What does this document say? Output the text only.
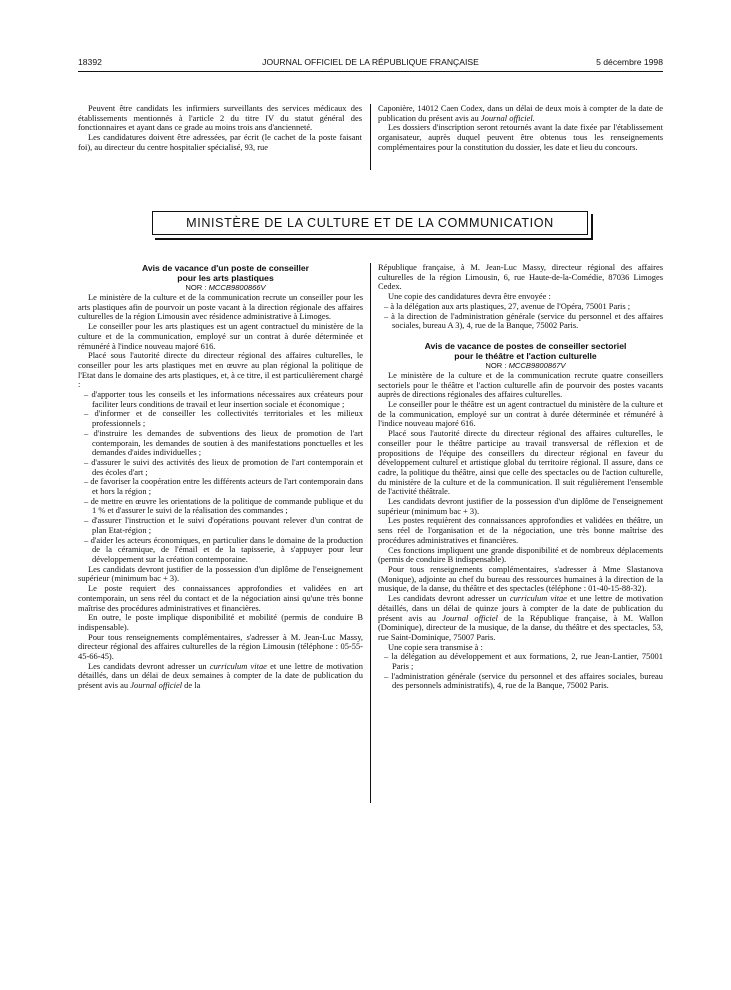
18392	JOURNAL OFFICIEL DE LA RÉPUBLIQUE FRANÇAISE	5 décembre 1998

Peuvent être candidats les infirmiers surveillants des services médicaux des établissements mentionnés à l'article 2 du titre IV du statut général des fonctionnaires et ayant dans ce grade au moins trois ans d'ancienneté.

Les candidatures doivent être adressées, par écrit (le cachet de la poste faisant foi), au directeur du centre hospitalier spécialisé, 93, rue

Caponière, 14012 Caen Codex, dans un délai de deux mois à compter de la date de publication du présent avis au Journal officiel.

Les dossiers d'inscription seront retournés avant la date fixée par l'établissement organisateur, auprès duquel peuvent être obtenus tous les renseignements complémentaires pour la constitution du dossier, les date et lieu du concours.

MINISTÈRE DE LA CULTURE ET DE LA COMMUNICATION

Avis de vacance d'un poste de conseiller

pour les arts plastiques

NOR : MCCB9800866V

Le ministère de la culture et de la communication recrute un conseiller pour les arts plastiques afin de pourvoir un poste vacant à la direction régionale des affaires culturelles de la région Limousin avec résidence administrative à Limoges.

Le conseiller pour les arts plastiques est un agent contractuel du ministère de la culture et de la communication, employé sur un contrat à durée déterminée et rémunéré à l'indice nouveau majoré 616.

Placé sous l'autorité directe du directeur régional des affaires culturelles, le conseiller pour les arts plastiques met en œuvre au plan régional la politique de l'Etat dans le domaine des arts plastiques, et, à ce titre, il est particulièrement chargé :

– d'apporter tous les conseils et les informations nécessaires aux créateurs pour faciliter leurs conditions de travail et leur insertion sociale et économique ;

– d'informer et de conseiller les collectivités territoriales et les milieux professionnels ;

– d'instruire les demandes de subventions des lieux de promotion de l'art contemporain, les demandes de soutien à des manifestations ponctuelles et les demandes d'aides individuelles ;

– d'assurer le suivi des activités des lieux de promotion de l'art contemporain et des écoles d'art ;

– de favoriser la coopération entre les différents acteurs de l'art contemporain dans et hors la région ;

– de mettre en œuvre les orientations de la politique de commande publique et du 1 % et d'assurer le suivi de la réalisation des commandes ;

– d'assurer l'instruction et le suivi d'opérations pouvant relever d'un contrat de plan Etat-région ;

– d'aider les acteurs économiques, en particulier dans le domaine de la production de la céramique, de l'émail et de la tapisserie, à s'appuyer pour leur développement sur la création contemporaine.

Les candidats devront justifier de la possession d'un diplôme de l'enseignement supérieur (minimum bac + 3).

Le poste requiert des connaissances approfondies et validées en art contemporain, un sens réel du contact et de la négociation ainsi qu'une très bonne maîtrise des procédures administratives et financières.

En outre, le poste implique disponibilité et mobilité (permis de conduire B indispensable).

Pour tous renseignements complémentaires, s'adresser à M. Jean-Luc Massy, directeur régional des affaires culturelles de la région Limousin (téléphone : 05-55-45-66-45).

Les candidats devront adresser un curriculum vitae et une lettre de motivation détaillés, dans un délai de deux semaines à compter de la date de publication du présent avis au Journal officiel de la

République française, à M. Jean-Luc Massy, directeur régional des affaires culturelles de la région Limousin, 6, rue Haute-de-la-Comédie, 87036 Limoges Cedex.

Une copie des candidatures devra être envoyée :

– à la délégation aux arts plastiques, 27, avenue de l'Opéra, 75001 Paris ;

– à la direction de l'administration générale (service du personnel et des affaires sociales, bureau A 3), 4, rue de la Banque, 75002 Paris.

Avis de vacance de postes de conseiller sectoriel

pour le théâtre et l'action culturelle

NOR : MCCB9800867V

Le ministère de la culture et de la communication recrute quatre conseillers sectoriels pour le théâtre et l'action culturelle afin de pourvoir des postes vacants auprès de directions régionales des affaires culturelles.

Le conseiller pour le théâtre est un agent contractuel du ministère de la culture et de la communication, employé sur un contrat à durée déterminée et rémunéré à l'indice nouveau majoré 616.

Placé sous l'autorité directe du directeur régional des affaires culturelles, le conseiller pour le théâtre participe au travail transversal de réflexion et de propositions de l'équipe des conseillers du directeur régional en faveur du développement culturel et artistique global du territoire régional. Il assure, dans ce cadre, la politique du théâtre, ainsi que celle des spectacles ou de l'action culturelle, du ministère de la culture et de la communication. Il suit régulièrement l'ensemble de l'activité théâtrale.

Les candidats devront justifier de la possession d'un diplôme de l'enseignement supérieur (minimum bac + 3).

Les postes requièrent des connaissances approfondies et validées en théâtre, un sens réel de l'organisation et de la négociation, une très bonne maîtrise des procédures administratives et financières.

Ces fonctions impliquent une grande disponibilité et de nombreux déplacements (permis de conduire B indispensable).

Pour tous renseignements complémentaires, s'adresser à Mme Slastanova (Monique), adjointe au chef du bureau des ressources humaines à la direction de la musique, de la danse, du théâtre et des spectacles (téléphone : 01-40-15-88-32).

Les candidats devront adresser un curriculum vitae et une lettre de motivation détaillés, dans un délai de quinze jours à compter de la date de publication du présent avis au Journal officiel de la République française, à M. Wallon (Dominique), directeur de la musique, de la danse, du théâtre et des spectacles, 53, rue Saint-Dominique, 75007 Paris.

Une copie sera transmise à :

– la délégation au développement et aux formations, 2, rue Jean-Lantier, 75001 Paris ;

– l'administration générale (service du personnel et des affaires sociales, bureau des personnels administratifs), 4, rue de la Banque, 75002 Paris.
